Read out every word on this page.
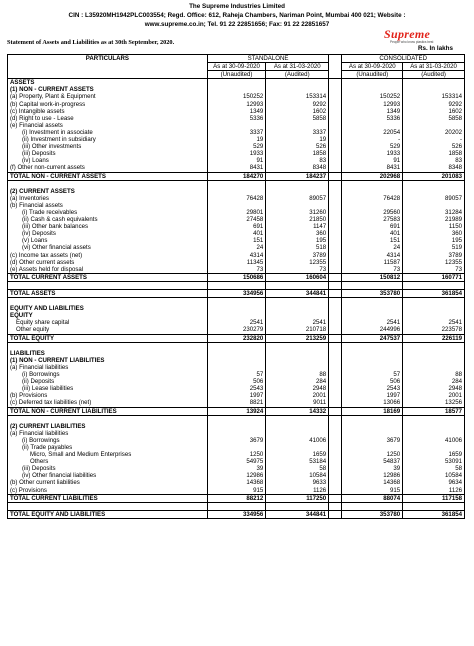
The Supreme Industries Limited
CIN : L35920MH1942PLC003554; Regd. Office: 612, Raheja Chambers, Nariman Point, Mumbai 400 021; Website :
www.supreme.co.in; Tel. 91 22 22851656; Fax: 91 22 22851657
Statement of Assets and Liabilities as at 30th September, 2020.
Supreme
People who know plastics best
Rs. In lakhs
PARTICULARS	STANDALONE			CONSOLIDATED	
	As at 30-09-2020	As at 31-03-2020		As at 30-09-2020	As at 31-03-2020
	(Unaudited)	(Audited)		(Unaudited)	(Audited)
ASSETS					
(1) NON - CURRENT ASSETS					
(a) Property, Plant & Equipment	150252	153314		150252	153314
(b) Capital work-in-progress	12993	9292		12993	9292
(c) Intangible assets	1349	1602		1349	1602
(d) Right to use - Lease	5336	5858		5336	5858
(e) Financial assets					
(i) Investment in associate	3337	3337		22054	20202
(ii) Investment in subsidiary	19	19		-	-
(iii) Other investments	529	526		529	526
(iii) Deposits	1933	1858		1933	1858
(iv) Loans	91	83		91	83
(f) Other non-current assets	8431	8348		8431	8348
TOTAL NON - CURRENT ASSETS	184270	184237		202968	201083

(2) CURRENT ASSETS					
(a) Inventories	76428	89057		76428	89057
(b) Financial assets					
(i) Trade receivables	29801	31260		29560	31284
(ii) Cash & cash equivalents	27458	21850		27583	21989
(iii) Other bank balances	691	1147		691	1150
(iv) Deposits	401	360		401	360
(v) Loans	151	195		151	195
(vi) Other financial assets	24	518		24	519
(c) Income tax assets (net)	4314	3789		4314	3789
(d) Other current assets	11345	12355		11587	12355
(e) Assets held for disposal	73	73		73	73
TOTAL CURRENT ASSETS	150686	160604		150812	160771

TOTAL ASSETS	334956	344841		353780	361854

EQUITY AND LIABILITIES					
EQUITY					
Equity share capital	2541	2541		2541	2541
Other equity	230279	210718		244996	223578
TOTAL EQUITY	232820	213259		247537	226119

LIABILITIES					
(1) NON - CURRENT LIABILITIES					
(a) Financial liabilities					
(i) Borrowings	57	88		57	88
(ii) Deposits	506	284		506	284
(iii) Lease liabilities	2543	2948		2543	2948
(b) Provisions	1997	2001		1997	2001
(c) Deferred tax liabilities (net)	8821	9011		13066	13256
TOTAL NON - CURRENT LIABILITIES	13924	14332		18169	18577

(2) CURRENT LIABILITIES					
(a) Financial liabilities					
(i) Borrowings	3679	41006		3679	41006
(ii) Trade payables					
Micro, Small and Medium Enterprises	1250	1659		1250	1659
Others	54975	53184		54837	53091
(iii) Deposits	39	58		39	58
(iv) Other financial liabilities	12986	10584		12986	10584
(b) Other current liabilities	14368	9633		14368	9634
(c) Provisions	915	1126		915	1126
TOTAL CURRENT LIABILITIES	88212	117250		88074	117158

TOTAL EQUITY AND LIABILITIES	334956	344841		353780	361854
